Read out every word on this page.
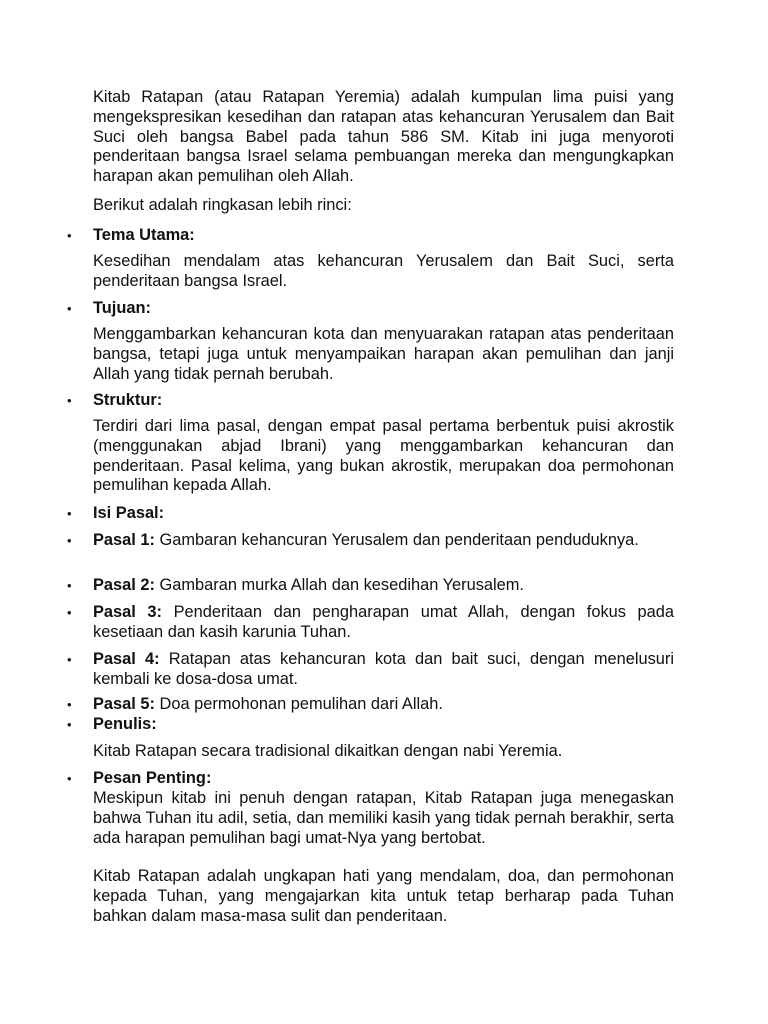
Kitab Ratapan (atau Ratapan Yeremia) adalah kumpulan lima puisi yang mengekspresikan kesedihan dan ratapan atas kehancuran Yerusalem dan Bait Suci oleh bangsa Babel pada tahun 586 SM. Kitab ini juga menyoroti penderitaan bangsa Israel selama pembuangan mereka dan mengungkapkan harapan akan pemulihan oleh Allah.

Berikut adalah ringkasan lebih rinci:

•	Tema Utama:

Kesedihan mendalam atas kehancuran Yerusalem dan Bait Suci, serta penderitaan bangsa Israel.

•	Tujuan:

Menggambarkan kehancuran kota dan menyuarakan ratapan atas penderitaan bangsa, tetapi juga untuk menyampaikan harapan akan pemulihan dan janji Allah yang tidak pernah berubah.

•	Struktur:

Terdiri dari lima pasal, dengan empat pasal pertama berbentuk puisi akrostik (menggunakan abjad Ibrani) yang menggambarkan kehancuran dan penderitaan. Pasal kelima, yang bukan akrostik, merupakan doa permohonan pemulihan kepada Allah.

•	Isi Pasal:

•	Pasal 1: Gambaran kehancuran Yerusalem dan penderitaan penduduknya.

•	Pasal 2: Gambaran murka Allah dan kesedihan Yerusalem.

•	Pasal 3: Penderitaan dan pengharapan umat Allah, dengan fokus pada kesetiaan dan kasih karunia Tuhan.

•	Pasal 4: Ratapan atas kehancuran kota dan bait suci, dengan menelusuri kembali ke dosa-dosa umat.

•	Pasal 5: Doa permohonan pemulihan dari Allah.

•	Penulis:

Kitab Ratapan secara tradisional dikaitkan dengan nabi Yeremia.

•	Pesan Penting:

Meskipun kitab ini penuh dengan ratapan, Kitab Ratapan juga menegaskan bahwa Tuhan itu adil, setia, dan memiliki kasih yang tidak pernah berakhir, serta ada harapan pemulihan bagi umat-Nya yang bertobat.

Kitab Ratapan adalah ungkapan hati yang mendalam, doa, dan permohonan kepada Tuhan, yang mengajarkan kita untuk tetap berharap pada Tuhan bahkan dalam masa-masa sulit dan penderitaan.
